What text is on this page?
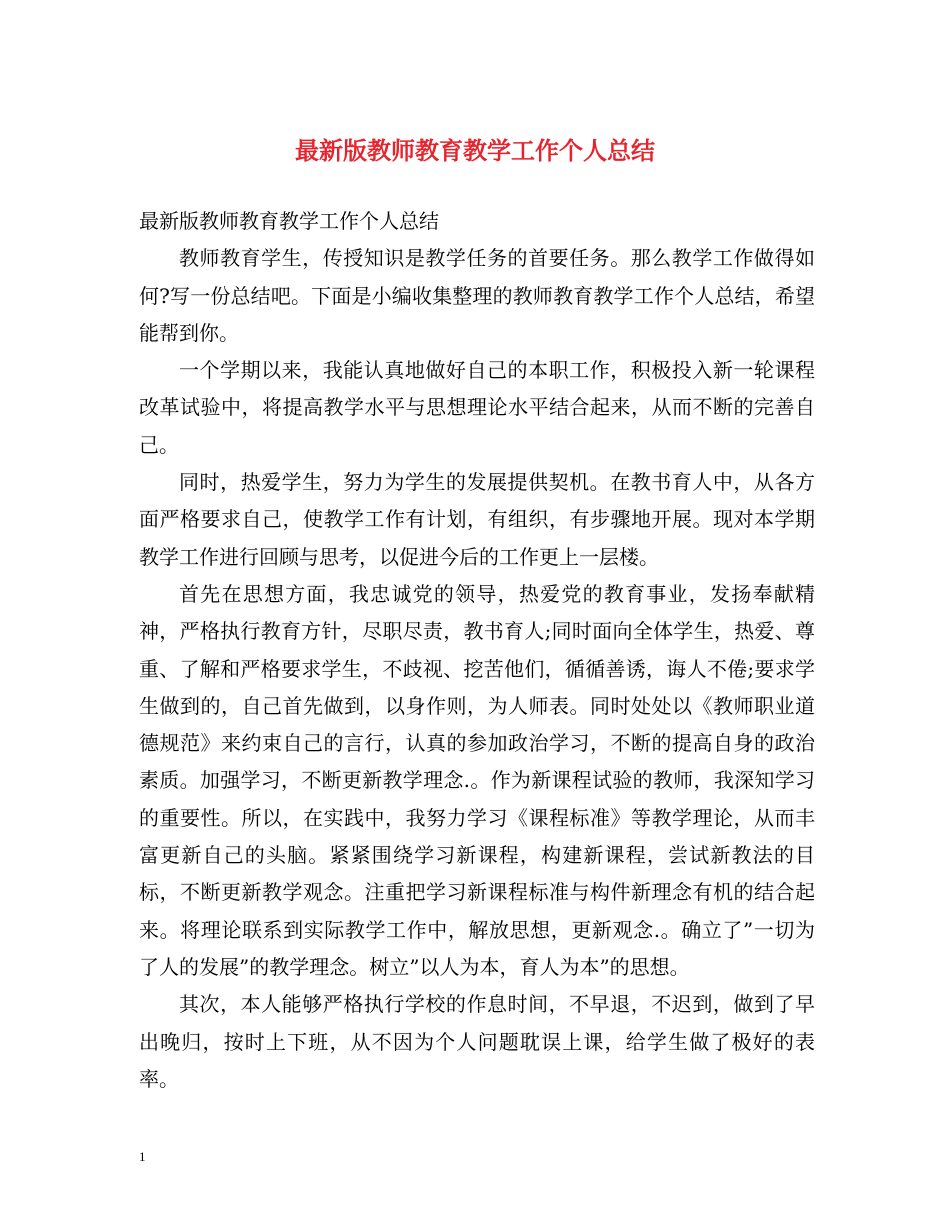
最新版教师教育教学工作个人总结

最新版教师教育教学工作个人总结

教师教育学生，传授知识是教学任务的首要任务。那么教学工作做得如何?写一份总结吧。下面是小编收集整理的教师教育教学工作个人总结，希望能帮到你。

一个学期以来，我能认真地做好自己的本职工作，积极投入新一轮课程改革试验中，将提高教学水平与思想理论水平结合起来，从而不断的完善自己。

同时，热爱学生，努力为学生的发展提供契机。在教书育人中，从各方面严格要求自己，使教学工作有计划，有组织，有步骤地开展。现对本学期教学工作进行回顾与思考，以促进今后的工作更上一层楼。

首先在思想方面，我忠诚党的领导，热爱党的教育事业，发扬奉献精神，严格执行教育方针，尽职尽责，教书育人;同时面向全体学生，热爱、尊重、了解和严格要求学生，不歧视、挖苦他们，循循善诱，诲人不倦;要求学生做到的，自己首先做到，以身作则，为人师表。同时处处以《教师职业道德规范》来约束自己的言行，认真的参加政治学习，不断的提高自身的政治素质。加强学习，不断更新教学理念.。作为新课程试验的教师，我深知学习的重要性。所以，在实践中，我努力学习《课程标准》等教学理论，从而丰富更新自己的头脑。紧紧围绕学习新课程，构建新课程，尝试新教法的目标，不断更新教学观念。注重把学习新课程标准与构件新理念有机的结合起来。将理论联系到实际教学工作中，解放思想，更新观念.。确立了”一切为了人的发展”的教学理念。树立”以人为本，育人为本”的思想。

其次，本人能够严格执行学校的作息时间，不早退，不迟到，做到了早出晚归，按时上下班，从不因为个人问题耽误上课，给学生做了极好的表率。

1
